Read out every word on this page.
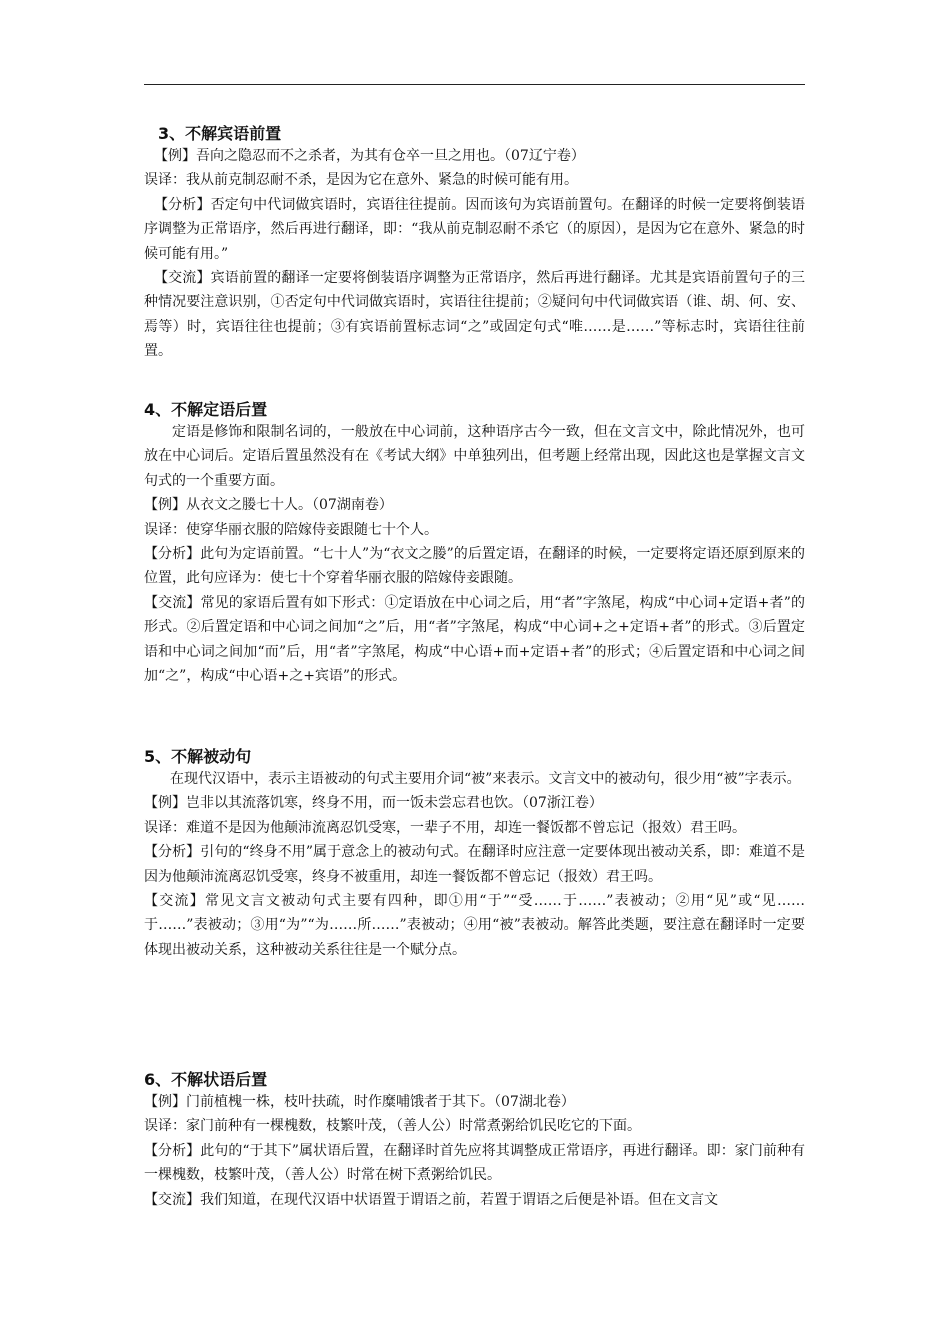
3、不解宾语前置

【例】吾向之隐忍而不之杀者，为其有仓卒一旦之用也。（07辽宁卷）

误译：我从前克制忍耐不杀，是因为它在意外、紧急的时候可能有用。

【分析】否定句中代词做宾语时，宾语往往提前。因而该句为宾语前置句。在翻译的时候一定要将倒装语序调整为正常语序，然后再进行翻译，即：“我从前克制忍耐不杀它（的原因），是因为它在意外、紧急的时候可能有用。”

【交流】宾语前置的翻译一定要将倒装语序调整为正常语序，然后再进行翻译。尤其是宾语前置句子的三种情况要注意识别，①否定句中代词做宾语时，宾语往往提前；②疑问句中代词做宾语（谁、胡、何、安、焉等）时，宾语往往也提前；③有宾语前置标志词“之”或固定句式“唯……是……”等标志时，宾语往往前置。

4、不解定语后置

定语是修饰和限制名词的，一般放在中心词前，这种语序古今一致，但在文言文中，除此情况外，也可放在中心词后。定语后置虽然没有在《考试大纲》中单独列出，但考题上经常出现，因此这也是掌握文言文句式的一个重要方面。

【例】从衣文之媵七十人。（07湖南卷）

误译：使穿华丽衣服的陪嫁侍妾跟随七十个人。

【分析】此句为定语前置。“七十人”为“衣文之媵”的后置定语，在翻译的时候，一定要将定语还原到原来的位置，此句应译为：使七十个穿着华丽衣服的陪嫁侍妾跟随。

【交流】常见的家语后置有如下形式：①定语放在中心词之后，用“者”字煞尾，构成“中心词+定语+者”的形式。②后置定语和中心词之间加“之”后，用“者”字煞尾，构成“中心词+之+定语+者”的形式。③后置定语和中心词之间加“而”后，用“者”字煞尾，构成“中心语+而+定语+者”的形式；④后置定语和中心词之间加“之”，构成“中心语+之+宾语”的形式。

5、不解被动句

在现代汉语中，表示主语被动的句式主要用介词“被”来表示。文言文中的被动句，很少用“被”字表示。

【例】岂非以其流落饥寒，终身不用，而一饭未尝忘君也饮。（07浙江卷）

误译：难道不是因为他颠沛流离忍饥受寒，一辈子不用，却连一餐饭都不曾忘记（报效）君王吗。

【分析】引句的“终身不用”属于意念上的被动句式。在翻译时应注意一定要体现出被动关系，即：难道不是因为他颠沛流离忍饥受寒，终身不被重用，却连一餐饭都不曾忘记（报效）君王吗。

【交流】常见文言文被动句式主要有四种，即①用“于”“受……于……”表被动；②用“见”或“见……于……”表被动；③用“为”“为……所……”表被动；④用“被”表被动。解答此类题，要注意在翻译时一定要体现出被动关系，这种被动关系往往是一个赋分点。

6、不解状语后置

【例】门前植槐一株，枝叶扶疏，时作糜哺饿者于其下。（07湖北卷）

误译：家门前种有一棵槐数，枝繁叶茂，（善人公）时常煮粥给饥民吃它的下面。

【分析】此句的“于其下”属状语后置，在翻译时首先应将其调整成正常语序，再进行翻译。即：家门前种有一棵槐数，枝繁叶茂，（善人公）时常在树下煮粥给饥民。

【交流】我们知道，在现代汉语中状语置于谓语之前，若置于谓语之后便是补语。但在文言文
